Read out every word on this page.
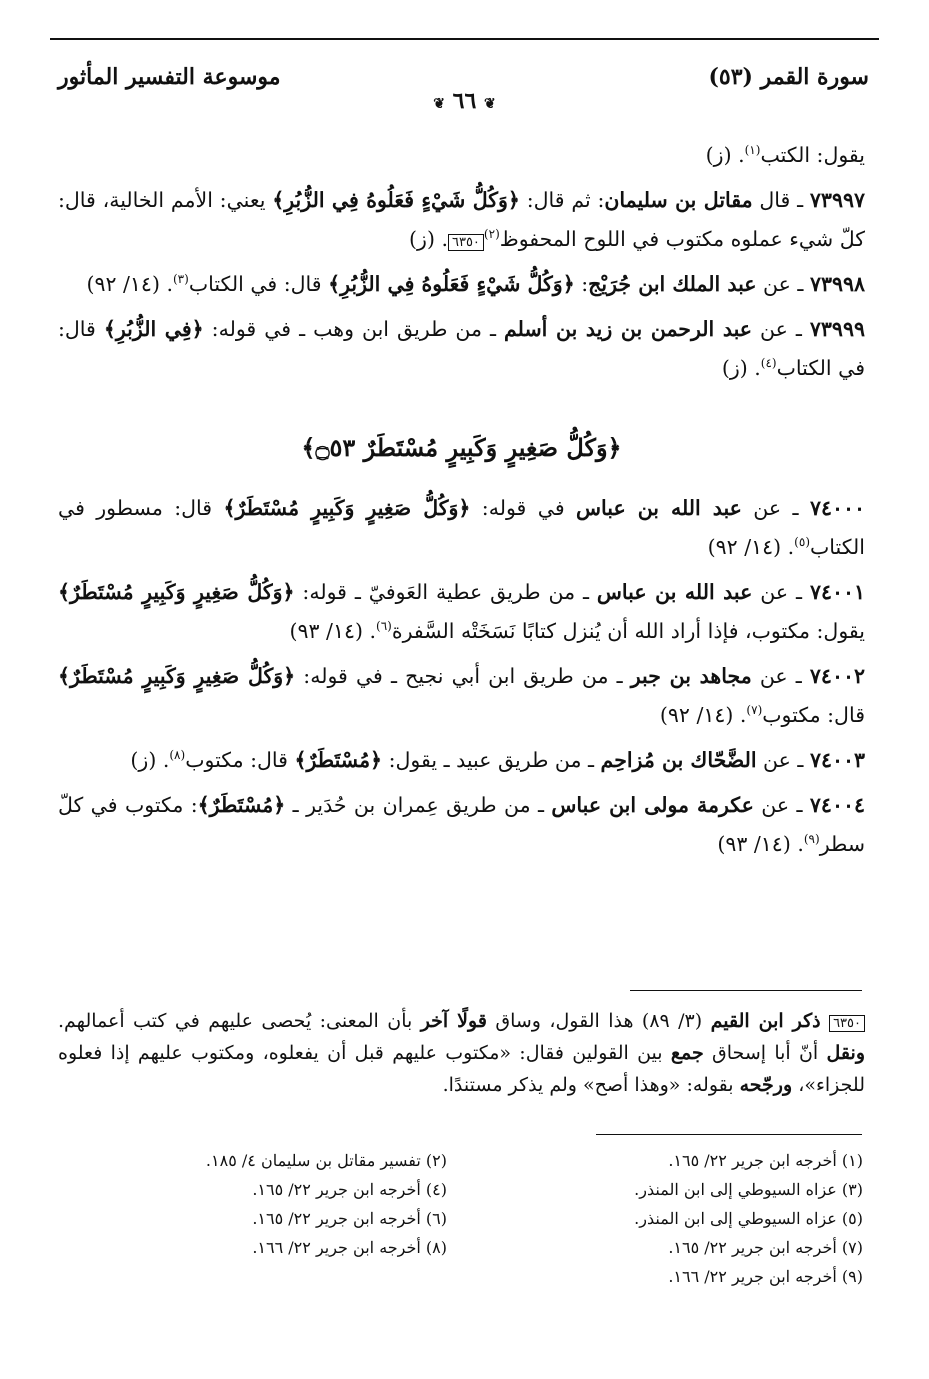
سورة القمر (٥٣)
موسوعة التفسير المأثور
❦ ٦٦ ❦

يقول: الكتب$^{(١)}$. (ز)

٧٣٩٩٧ ـ قال مقاتل بن سليمان: ثم قال: ﴿وَكُلُّ شَيْءٍ فَعَلُوهُ فِي الزُّبُرِ﴾ يعني: الأمم الخالية، قال: كلّ شيء عملوه مكتوب في اللوح المحفوظ$^{(٢)}$٦٣٥٠. (ز)

٧٣٩٩٨ ـ عن عبد الملك ابن جُرَيْج: ﴿وَكُلُّ شَيْءٍ فَعَلُوهُ فِي الزُّبُرِ﴾ قال: في الكتاب$^{(٣)}$. (١٤/ ٩٢)

٧٣٩٩٩ ـ عن عبد الرحمن بن زيد بن أسلم ـ من طريق ابن وهب ـ في قوله: ﴿فِي الزُّبُرِ﴾ قال: في الكتاب$^{(٤)}$. (ز)

﴿وَكُلُّ صَغِيرٍ وَكَبِيرٍ مُسْتَطَرٌ ۝٥٣﴾

٧٤٠٠٠ ـ عن عبد الله بن عباس في قوله: ﴿وَكُلُّ صَغِيرٍ وَكَبِيرٍ مُسْتَطَرٌ﴾ قال: مسطور في الكتاب$^{(٥)}$. (١٤/ ٩٢)

٧٤٠٠١ ـ عن عبد الله بن عباس ـ من طريق عطية العَوفيّ ـ قوله: ﴿وَكُلُّ صَغِيرٍ وَكَبِيرٍ مُسْتَطَرٌ﴾ يقول: مكتوب، فإذا أراد الله أن يُنزل كتابًا نَسَخَتْه السَّفرة$^{(٦)}$. (١٤/ ٩٣)

٧٤٠٠٢ ـ عن مجاهد بن جبر ـ من طريق ابن أبي نجيح ـ في قوله: ﴿وَكُلُّ صَغِيرٍ وَكَبِيرٍ مُسْتَطَرٌ﴾ قال: مكتوب$^{(٧)}$. (١٤/ ٩٢)

٧٤٠٠٣ ـ عن الضَّحّاك بن مُزاحِم ـ من طريق عبيد ـ يقول: ﴿مُسْتَطَرٌ﴾ قال: مكتوب$^{(٨)}$. (ز)

٧٤٠٠٤ ـ عن عكرمة مولى ابن عباس ـ من طريق عِمران بن حُدَير ـ ﴿مُسْتَطَرٌ﴾: مكتوب في كلّ سطر$^{(٩)}$. (١٤/ ٩٣)

٦٣٥٠ ذكر ابن القيم (٣/ ٨٩) هذا القول، وساق قولًا آخر بأن المعنى: يُحصى عليهم في كتب أعمالهم. ونقل أنّ أبا إسحاق جمع بين القولين فقال: «مكتوب عليهم قبل أن يفعلوه، ومكتوب عليهم إذا فعلوه للجزاء»، ورجّحه بقوله: «وهذا أصح» ولم يذكر مستندًا.
(١) أخرجه ابن جرير ٢٢/ ١٦٥.
(٣) عزاه السيوطي إلى ابن المنذر.
(٥) عزاه السيوطي إلى ابن المنذر.
(٧) أخرجه ابن جرير ٢٢/ ١٦٥.
(٩) أخرجه ابن جرير ٢٢/ ١٦٦.
(٢) تفسير مقاتل بن سليمان ٤/ ١٨٥.
(٤) أخرجه ابن جرير ٢٢/ ١٦٥.
(٦) أخرجه ابن جرير ٢٢/ ١٦٥.
(٨) أخرجه ابن جرير ٢٢/ ١٦٦.
